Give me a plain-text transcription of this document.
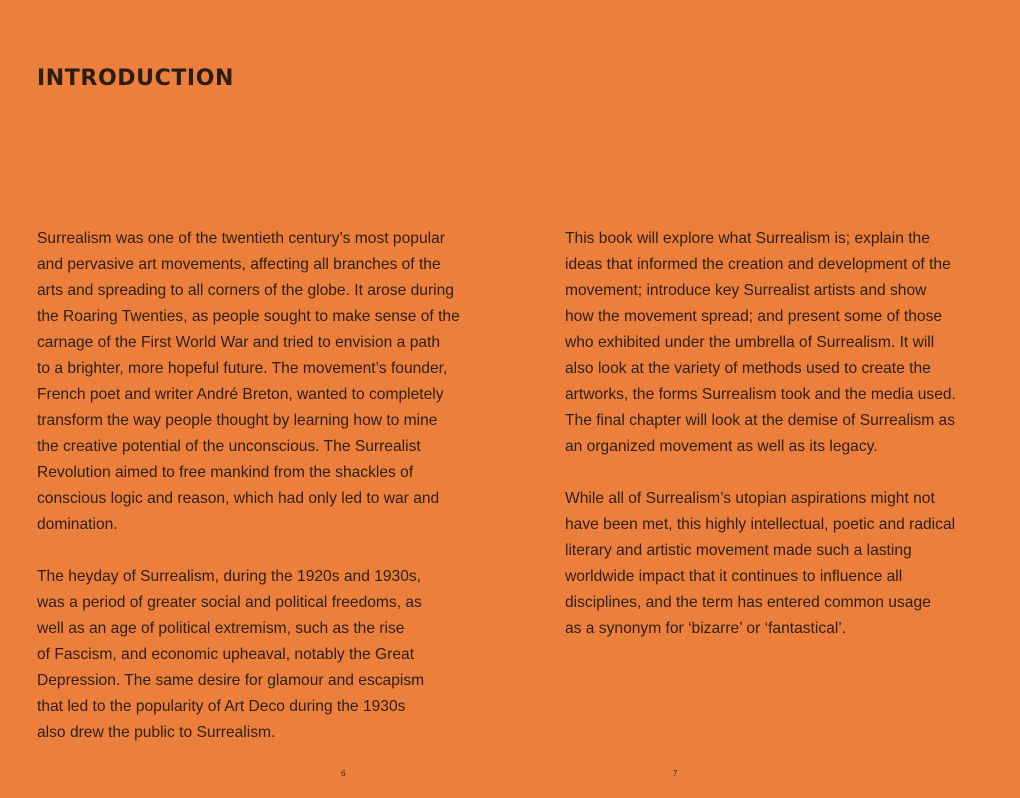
INTRODUCTION

Surrealism was one of the twentieth century’s most popular
and pervasive art movements, affecting all branches of the
arts and spreading to all corners of the globe. It arose during
the Roaring Twenties, as people sought to make sense of the
carnage of the First World War and tried to envision a path
to a brighter, more hopeful future. The movement’s founder,
French poet and writer André Breton, wanted to completely
transform the way people thought by learning how to mine
the creative potential of the unconscious. The Surrealist
Revolution aimed to free mankind from the shackles of
conscious logic and reason, which had only led to war and
domination.

The heyday of Surrealism, during the 1920s and 1930s,
was a period of greater social and political freedoms, as
well as an age of political extremism, such as the rise
of Fascism, and economic upheaval, notably the Great
Depression. The same desire for glamour and escapism
that led to the popularity of Art Deco during the 1930s
also drew the public to Surrealism.

6

This book will explore what Surrealism is; explain the
ideas that informed the creation and development of the
movement; introduce key Surrealist artists and show
how the movement spread; and present some of those
who exhibited under the umbrella of Surrealism. It will
also look at the variety of methods used to create the
artworks, the forms Surrealism took and the media used.
The final chapter will look at the demise of Surrealism as
an organized movement as well as its legacy.

While all of Surrealism’s utopian aspirations might not
have been met, this highly intellectual, poetic and radical
literary and artistic movement made such a lasting
worldwide impact that it continues to influence all
disciplines, and the term has entered common usage
as a synonym for ‘bizarre’ or ‘fantastical’.

7
